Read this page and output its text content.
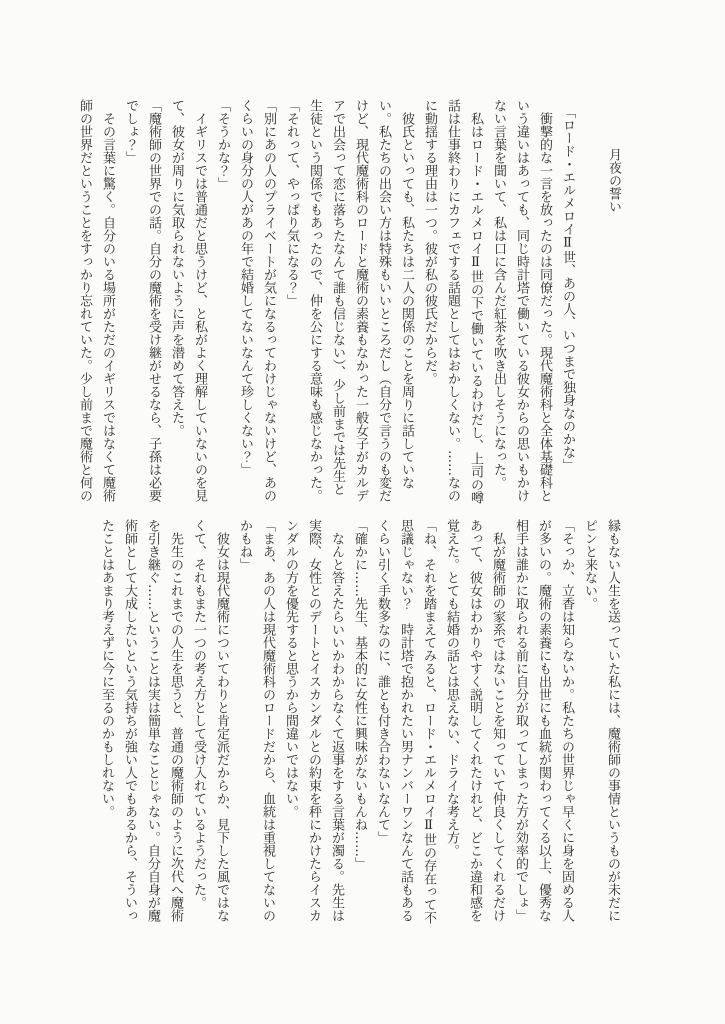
月夜の誓い
　「ロード・エルメロイⅡ世、あの人、いつまで独身なのかな」
　衝撃的な一言を放ったのは同僚だった。現代魔術科と全体基礎科と
いう違いはあっても、同じ時計塔で働いている彼女からの思いもかけ
ない言葉を聞いて、私は口に含んだ紅茶を吹き出しそうになった。
　私はロード・エルメロイⅡ世の下で働いているわけだし、上司の噂
話は仕事終わりにカフェでする話題としてはおかしくない。……なの
に動揺する理由は一つ。彼が私の彼氏だからだ。
　彼氏といっても、私たちは二人の関係のことを周りに話していな
い。私たちの出会い方は特殊もいいところだし（自分で言うのも変だ
けど、現代魔術科のロードと魔術の素養もなかった一般女子がカルデ
アで出会って恋に落ちたなんて誰も信じない）、少し前までは先生と
生徒という関係でもあったので、仲を公にする意味も感じなかった。
「それって、やっぱり気になる？」
「別にあの人のプライベートが気になるってわけじゃないけど、あの
くらいの身分の人があの年で結婚してないなんて珍しくない？」
「そうかな？」
　イギリスでは普通だと思うけど、と私がよく理解していないのを見
て、彼女が周りに気取られないように声を潜めて答えた。
「魔術師の世界での話。自分の魔術を受け継がせるなら、子孫は必要
でしょ？」
　その言葉に驚く。自分のいる場所がただのイギリスではなくて魔術
師の世界だということをすっかり忘れていた。少し前まで魔術と何の
縁もない人生を送っていた私には、魔術師の事情というものが未だに
ピンと来ない。
「そっか、立香は知らないか。私たちの世界じゃ早くに身を固める人
が多いの。魔術の素養にも出世にも血統が関わってくる以上、優秀な
相手は誰かに取られる前に自分が取ってしまった方が効率的でしょ」
　私が魔術師の家系ではないことを知っていて仲良くしてくれるだけ
あって、彼女はわかりやすく説明してくれたけれど、どこか違和感を
覚えた。とても結婚の話とは思えない、ドライな考え方。
「ね、それを踏まえてみると、ロード・エルメロイⅡ世の存在って不
思議じゃない？　時計塔で抱かれたい男ナンバーワンなんて話もある
くらい引く手数多なのに、誰とも付き合わないなんて」
「確かに……先生、基本的に女性に興味がないもんね……」
　なんと答えたらいいかわからなくて返事をする言葉が濁る。先生は
実際、女性とのデートとイスカンダルとの約束を秤にかけたらイスカ
ンダルの方を優先すると思うから間違いではない。
「まあ、あの人は現代魔術科のロードだから、血統は重視してないの
かもね」
　彼女は現代魔術についてわりと肯定派だからか、見下した風ではな
くて、それもまた一つの考え方として受け入れているようだった。
　先生のこれまでの人生を思うと、普通の魔術師のように次代へ魔術
を引き継ぐ……ということは実は簡単なことじゃない。自分自身が魔
術師として大成したいという気持ちが強い人でもあるから、そういっ
たことはあまり考えずに今に至るのかもしれない。
